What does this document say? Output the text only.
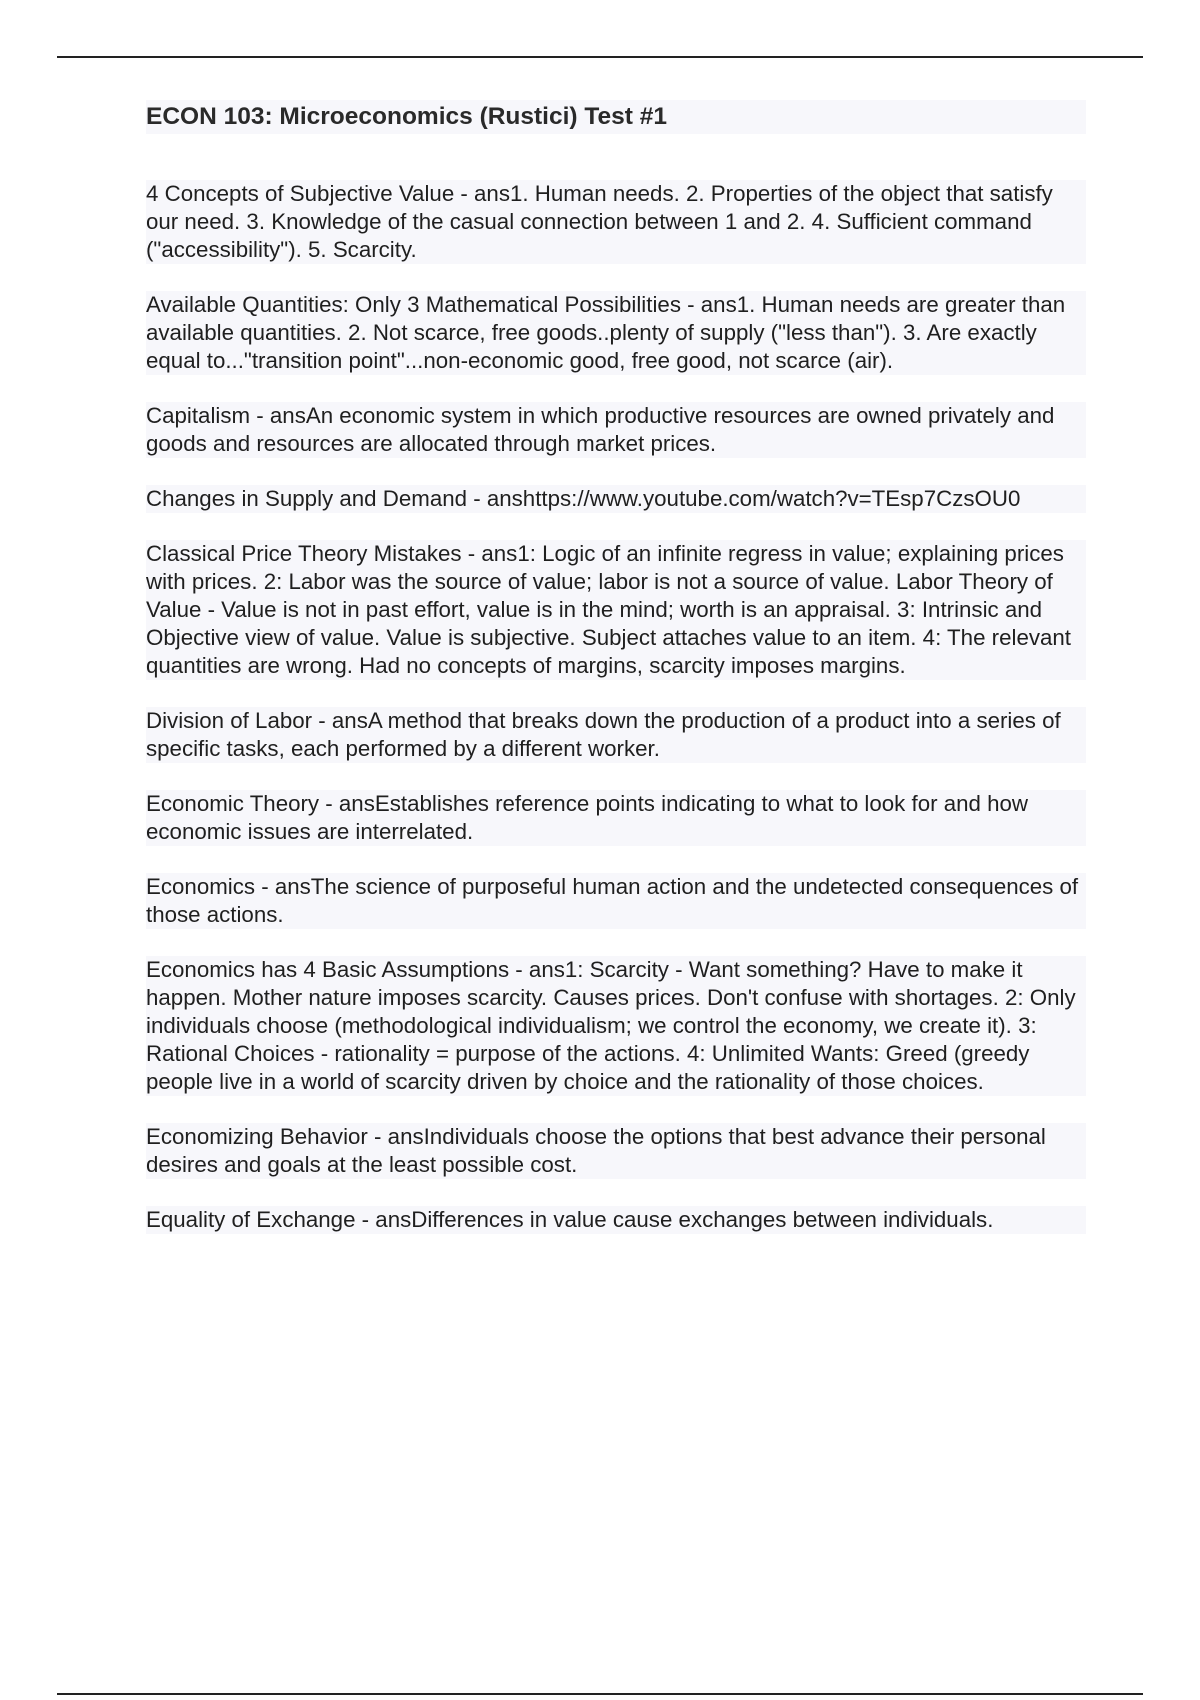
ECON 103: Microeconomics (Rustici) Test #1

4 Concepts of Subjective Value - ans1. Human needs. 2. Properties of the object that satisfy our need. 3. Knowledge of the casual connection between 1 and 2. 4. Sufficient command ("accessibility"). 5. Scarcity.

Available Quantities: Only 3 Mathematical Possibilities - ans1. Human needs are greater than available quantities. 2. Not scarce, free goods..plenty of supply ("less than"). 3. Are exactly equal to..."transition point"...non-economic good, free good, not scarce (air).

Capitalism - ansAn economic system in which productive resources are owned privately and goods and resources are allocated through market prices.

Changes in Supply and Demand - anshttps://www.youtube.com/watch?v=TEsp7CzsOU0

Classical Price Theory Mistakes - ans1: Logic of an infinite regress in value; explaining prices with prices. 2: Labor was the source of value; labor is not a source of value. Labor Theory of Value - Value is not in past effort, value is in the mind; worth is an appraisal. 3: Intrinsic and Objective view of value. Value is subjective. Subject attaches value to an item. 4: The relevant quantities are wrong. Had no concepts of margins, scarcity imposes margins.

Division of Labor - ansA method that breaks down the production of a product into a series of specific tasks, each performed by a different worker.

Economic Theory - ansEstablishes reference points indicating to what to look for and how economic issues are interrelated.

Economics - ansThe science of purposeful human action and the undetected consequences of those actions.

Economics has 4 Basic Assumptions - ans1: Scarcity - Want something? Have to make it happen. Mother nature imposes scarcity. Causes prices. Don't confuse with shortages. 2: Only individuals choose (methodological individualism; we control the economy, we create it). 3: Rational Choices - rationality = purpose of the actions. 4: Unlimited Wants: Greed (greedy people live in a world of scarcity driven by choice and the rationality of those choices.

Economizing Behavior - ansIndividuals choose the options that best advance their personal desires and goals at the least possible cost.

Equality of Exchange - ansDifferences in value cause exchanges between individuals.
